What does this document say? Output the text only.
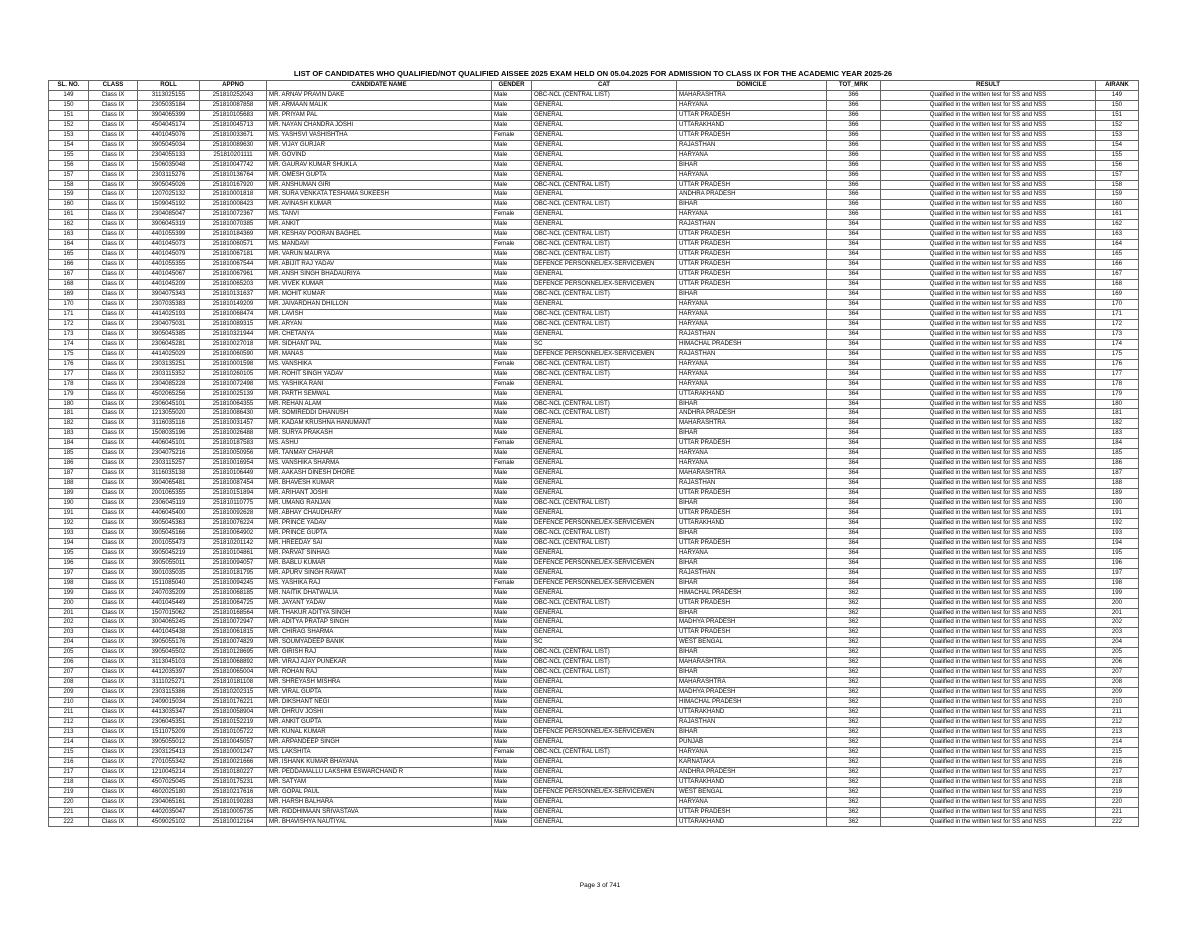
LIST OF CANDIDATES WHO QUALIFIED/NOT QUALIFIED AISSEE 2025 EXAM HELD ON 05.04.2025 FOR ADMISSION TO CLASS IX FOR THE ACADEMIC YEAR 2025-26
SL. NO.	CLASS	ROLL	APPNO	CANDIDATE NAME	GENDER	CAT	DOMICILE	TOT_MRK	RESULT	AIRANK
149	Class IX	3113025155	251810252043	MR. ARNAV PRAVIN DAKE	Male	OBC-NCL (CENTRAL LIST)	MAHARASHTRA	366	Qualified in the written test for SS and NSS	149
150	Class IX	2305035184	251810087858	MR. ARMAAN MALIK	Male	GENERAL	HARYANA	366	Qualified in the written test for SS and NSS	150
151	Class IX	3904065399	251810105683	MR. PRIYAM PAL	Male	GENERAL	UTTAR PRADESH	366	Qualified in the written test for SS and NSS	151
152	Class IX	4504045174	251810045713	MR. NAYAN CHANDRA JOSHI	Male	GENERAL	UTTARAKHAND	366	Qualified in the written test for SS and NSS	152
153	Class IX	4401045076	251810033671	MS. YASHSVI VASHISHTHA	Female	GENERAL	UTTAR PRADESH	366	Qualified in the written test for SS and NSS	153
154	Class IX	3905045034	251810089630	MR. VIJAY GURJAR	Male	GENERAL	RAJASTHAN	366	Qualified in the written test for SS and NSS	154
155	Class IX	2304055133	251810201111	MR. GOVIND	Male	GENERAL	HARYANA	366	Qualified in the written test for SS and NSS	155
156	Class IX	1506035048	251810047742	MR. GAURAV KUMAR SHUKLA	Male	GENERAL	BIHAR	366	Qualified in the written test for SS and NSS	156
157	Class IX	2303115276	251810136764	MR. OMESH GUPTA	Male	GENERAL	HARYANA	366	Qualified in the written test for SS and NSS	157
158	Class IX	3905045026	251810167920	MR. ANSHUMAN GIRI	Male	OBC-NCL (CENTRAL LIST)	UTTAR PRADESH	366	Qualified in the written test for SS and NSS	158
159	Class IX	1207025132	251810001818	MR. SURA VENKATA TESHAMA SUKEESH	Male	GENERAL	ANDHRA PRADESH	366	Qualified in the written test for SS and NSS	159
160	Class IX	1509045192	251810008423	MR. AVINASH KUMAR	Male	OBC-NCL (CENTRAL LIST)	BIHAR	366	Qualified in the written test for SS and NSS	160
161	Class IX	2304085047	251810072367	MS. TANVI	Female	GENERAL	HARYANA	366	Qualified in the written test for SS and NSS	161
162	Class IX	3906045319	251810070385	MR. ANKIT	Male	GENERAL	RAJASTHAN	364	Qualified in the written test for SS and NSS	162
163	Class IX	4401055399	251810184369	MR. KESHAV POORAN BAGHEL	Male	OBC-NCL (CENTRAL LIST)	UTTAR PRADESH	364	Qualified in the written test for SS and NSS	163
164	Class IX	4401045073	251810060571	MS. MANDAVI	Female	OBC-NCL (CENTRAL LIST)	UTTAR PRADESH	364	Qualified in the written test for SS and NSS	164
165	Class IX	4401045079	251810067181	MR. VARUN MAURYA	Male	OBC-NCL (CENTRAL LIST)	UTTAR PRADESH	364	Qualified in the written test for SS and NSS	165
166	Class IX	4401055355	251810067544	MR. ABIJIT RAJ YADAV	Male	DEFENCE PERSONNEL/EX-SERVICEMEN	UTTAR PRADESH	364	Qualified in the written test for SS and NSS	166
167	Class IX	4401045067	251810067961	MR. ANSH SINGH BHADAURIYA	Male	GENERAL	UTTAR PRADESH	364	Qualified in the written test for SS and NSS	167
168	Class IX	4401045209	251810065203	MR. VIVEK KUMAR	Male	DEFENCE PERSONNEL/EX-SERVICEMEN	UTTAR PRADESH	364	Qualified in the written test for SS and NSS	168
169	Class IX	3904075343	251810131637	MR. MOHIT KUMAR	Male	OBC-NCL (CENTRAL LIST)	BIHAR	364	Qualified in the written test for SS and NSS	169
170	Class IX	2307035383	251810149209	MR. JAIVARDHAN DHILLON	Male	GENERAL	HARYANA	364	Qualified in the written test for SS and NSS	170
171	Class IX	4414025193	251810068474	MR. LAVISH	Male	OBC-NCL (CENTRAL LIST)	HARYANA	364	Qualified in the written test for SS and NSS	171
172	Class IX	2304075031	251810089315	MR. ARYAN	Male	OBC-NCL (CENTRAL LIST)	HARYANA	364	Qualified in the written test for SS and NSS	172
173	Class IX	3905045385	251810321944	MR. CHETANYA	Male	GENERAL	RAJASTHAN	364	Qualified in the written test for SS and NSS	173
174	Class IX	2306045281	251810027018	MR. SIDHANT PAL	Male	SC	HIMACHAL PRADESH	364	Qualified in the written test for SS and NSS	174
175	Class IX	4414025029	251810060590	MR. MANAS	Male	DEFENCE PERSONNEL/EX-SERVICEMEN	RAJASTHAN	364	Qualified in the written test for SS and NSS	175
176	Class IX	2303135251	251810001598	MS. VANSHIKA	Female	OBC-NCL (CENTRAL LIST)	HARYANA	364	Qualified in the written test for SS and NSS	176
177	Class IX	2303115352	251810260105	MR. ROHIT SINGH YADAV	Male	OBC-NCL (CENTRAL LIST)	HARYANA	364	Qualified in the written test for SS and NSS	177
178	Class IX	2304085228	251810072498	MS. YASHIKA RANI	Female	GENERAL	HARYANA	364	Qualified in the written test for SS and NSS	178
179	Class IX	4502065256	251810025139	MR. PARTH SEMWAL	Male	GENERAL	UTTARAKHAND	364	Qualified in the written test for SS and NSS	179
180	Class IX	2306045101	251810064355	MR. REHAN ALAM	Male	OBC-NCL (CENTRAL LIST)	BIHAR	364	Qualified in the written test for SS and NSS	180
181	Class IX	1213055020	251810086430	MR. SOMIREDDI DHANUSH	Male	OBC-NCL (CENTRAL LIST)	ANDHRA PRADESH	364	Qualified in the written test for SS and NSS	181
182	Class IX	3116035116	251810031457	MR. KADAM KRUSHNA HANUMANT	Male	GENERAL	MAHARASHTRA	364	Qualified in the written test for SS and NSS	182
183	Class IX	1508035196	251810026488	MR. SURYA PRAKASH	Male	GENERAL	BIHAR	364	Qualified in the written test for SS and NSS	183
184	Class IX	4406045101	251810187583	MS. ASHU	Female	GENERAL	UTTAR PRADESH	364	Qualified in the written test for SS and NSS	184
185	Class IX	2304075216	251810050956	MR. TANMAY CHAHAR	Male	GENERAL	HARYANA	364	Qualified in the written test for SS and NSS	185
186	Class IX	2303115257	251810016954	MS. VANSHIKA SHARMA	Female	GENERAL	HARYANA	364	Qualified in the written test for SS and NSS	186
187	Class IX	3116035138	251810106449	MR. AAKASH DINESH DHORE	Male	GENERAL	MAHARASHTRA	364	Qualified in the written test for SS and NSS	187
188	Class IX	3904065481	251810087454	MR. BHAVESH KUMAR	Male	GENERAL	RAJASTHAN	364	Qualified in the written test for SS and NSS	188
189	Class IX	2001065355	251810151894	MR. ARIHANT JOSHI	Male	GENERAL	UTTAR PRADESH	364	Qualified in the written test for SS and NSS	189
190	Class IX	2306045119	251810110775	MR. UMANG RANJAN	Male	OBC-NCL (CENTRAL LIST)	BIHAR	364	Qualified in the written test for SS and NSS	190
191	Class IX	4406045400	251810092628	MR. ABHAY CHAUDHARY	Male	GENERAL	UTTAR PRADESH	364	Qualified in the written test for SS and NSS	191
192	Class IX	3905045363	251810076224	MR. PRINCE YADAV	Male	DEFENCE PERSONNEL/EX-SERVICEMEN	UTTARAKHAND	364	Qualified in the written test for SS and NSS	192
193	Class IX	3905045166	251810064902	MR. PRINCE GUPTA	Male	OBC-NCL (CENTRAL LIST)	BIHAR	364	Qualified in the written test for SS and NSS	193
194	Class IX	2001055473	251810201142	MR. HREEDAY SAI	Male	OBC-NCL (CENTRAL LIST)	UTTAR PRADESH	364	Qualified in the written test for SS and NSS	194
195	Class IX	3905045219	251810104861	MR. PARVAT SINHAG	Male	GENERAL	HARYANA	364	Qualified in the written test for SS and NSS	195
196	Class IX	3905055011	251810094057	MR. BABLU KUMAR	Male	DEFENCE PERSONNEL/EX-SERVICEMEN	BIHAR	364	Qualified in the written test for SS and NSS	196
197	Class IX	3901035035	251810181795	MR. APURV SINGH RAWAT	Male	GENERAL	RAJASTHAN	364	Qualified in the written test for SS and NSS	197
198	Class IX	1511085040	251810094245	MS. YASHIKA RAJ	Female	DEFENCE PERSONNEL/EX-SERVICEMEN	BIHAR	364	Qualified in the written test for SS and NSS	198
199	Class IX	2407035209	251810068185	MR. NAITIK DHATWALIA	Male	GENERAL	HIMACHAL PRADESH	362	Qualified in the written test for SS and NSS	199
200	Class IX	4401045449	251810064725	MR. JAYANT YADAV	Male	OBC-NCL (CENTRAL LIST)	UTTAR PRADESH	362	Qualified in the written test for SS and NSS	200
201	Class IX	1507015062	251810168564	MR. THAKUR ADITYA SINGH	Male	GENERAL	BIHAR	362	Qualified in the written test for SS and NSS	201
202	Class IX	3004065245	251810072947	MR. ADITYA PRATAP SINGH	Male	GENERAL	MADHYA PRADESH	362	Qualified in the written test for SS and NSS	202
203	Class IX	4401045438	251810061815	MR. CHIRAG SHARMA	Male	GENERAL	UTTAR PRADESH	362	Qualified in the written test for SS and NSS	203
204	Class IX	3905055176	251810074829	MR. SOUMYADEEP BANIK	Male	SC	WEST BENGAL	362	Qualified in the written test for SS and NSS	204
205	Class IX	3905045502	251810128695	MR. GIRISH RAJ	Male	OBC-NCL (CENTRAL LIST)	BIHAR	362	Qualified in the written test for SS and NSS	205
206	Class IX	3113045103	251810068892	MR. VIRAJ AJAY PUNEKAR	Male	OBC-NCL (CENTRAL LIST)	MAHARASHTRA	362	Qualified in the written test for SS and NSS	206
207	Class IX	4412035397	251810065004	MR. ROHAN RAJ	Male	OBC-NCL (CENTRAL LIST)	BIHAR	362	Qualified in the written test for SS and NSS	207
208	Class IX	3111025271	251810181108	MR. SHREYASH MISHRA	Male	GENERAL	MAHARASHTRA	362	Qualified in the written test for SS and NSS	208
209	Class IX	2303115386	251810202315	MR. VIRAL GUPTA	Male	GENERAL	MADHYA PRADESH	362	Qualified in the written test for SS and NSS	209
210	Class IX	2409015034	251810176221	MR. DIKSHANT NEGI	Male	GENERAL	HIMACHAL PRADESH	362	Qualified in the written test for SS and NSS	210
211	Class IX	4413035347	251810058904	MR. DHRUV JOSHI	Male	GENERAL	UTTARAKHAND	362	Qualified in the written test for SS and NSS	211
212	Class IX	2306045351	251810152219	MR. ANKIT GUPTA	Male	GENERAL	RAJASTHAN	362	Qualified in the written test for SS and NSS	212
213	Class IX	1511075209	251810105722	MR. KUNAL KUMAR	Male	DEFENCE PERSONNEL/EX-SERVICEMEN	BIHAR	362	Qualified in the written test for SS and NSS	213
214	Class IX	3905055012	251810045057	MR. ARPANDEEP SINGH	Male	GENERAL	PUNJAB	362	Qualified in the written test for SS and NSS	214
215	Class IX	2303125413	251810001247	MS. LAKSHITA	Female	OBC-NCL (CENTRAL LIST)	HARYANA	362	Qualified in the written test for SS and NSS	215
216	Class IX	2701055342	251810021666	MR. ISHANK KUMAR BHAYANA	Male	GENERAL	KARNATAKA	362	Qualified in the written test for SS and NSS	216
217	Class IX	1210045214	251810180227	MR. PEDDAMALLU LAKSHMI ESWARCHAND R	Male	GENERAL	ANDHRA PRADESH	362	Qualified in the written test for SS and NSS	217
218	Class IX	4507025045	251810175231	MR. SATYAM	Male	GENERAL	UTTARAKHAND	362	Qualified in the written test for SS and NSS	218
219	Class IX	4602025180	251810217616	MR. GOPAL PAUL	Male	DEFENCE PERSONNEL/EX-SERVICEMEN	WEST BENGAL	362	Qualified in the written test for SS and NSS	219
220	Class IX	2304065161	251810190283	MR. HARSH BALHARA	Male	GENERAL	HARYANA	362	Qualified in the written test for SS and NSS	220
221	Class IX	4402035047	251810005735	MR. RIDDHIMAAN SRIVASTAVA	Male	GENERAL	UTTAR PRADESH	362	Qualified in the written test for SS and NSS	221
222	Class IX	4509025102	251810012164	MR. BHAVISHYA NAUTIYAL	Male	GENERAL	UTTARAKHAND	362	Qualified in the written test for SS and NSS	222
Page 3 of 741
